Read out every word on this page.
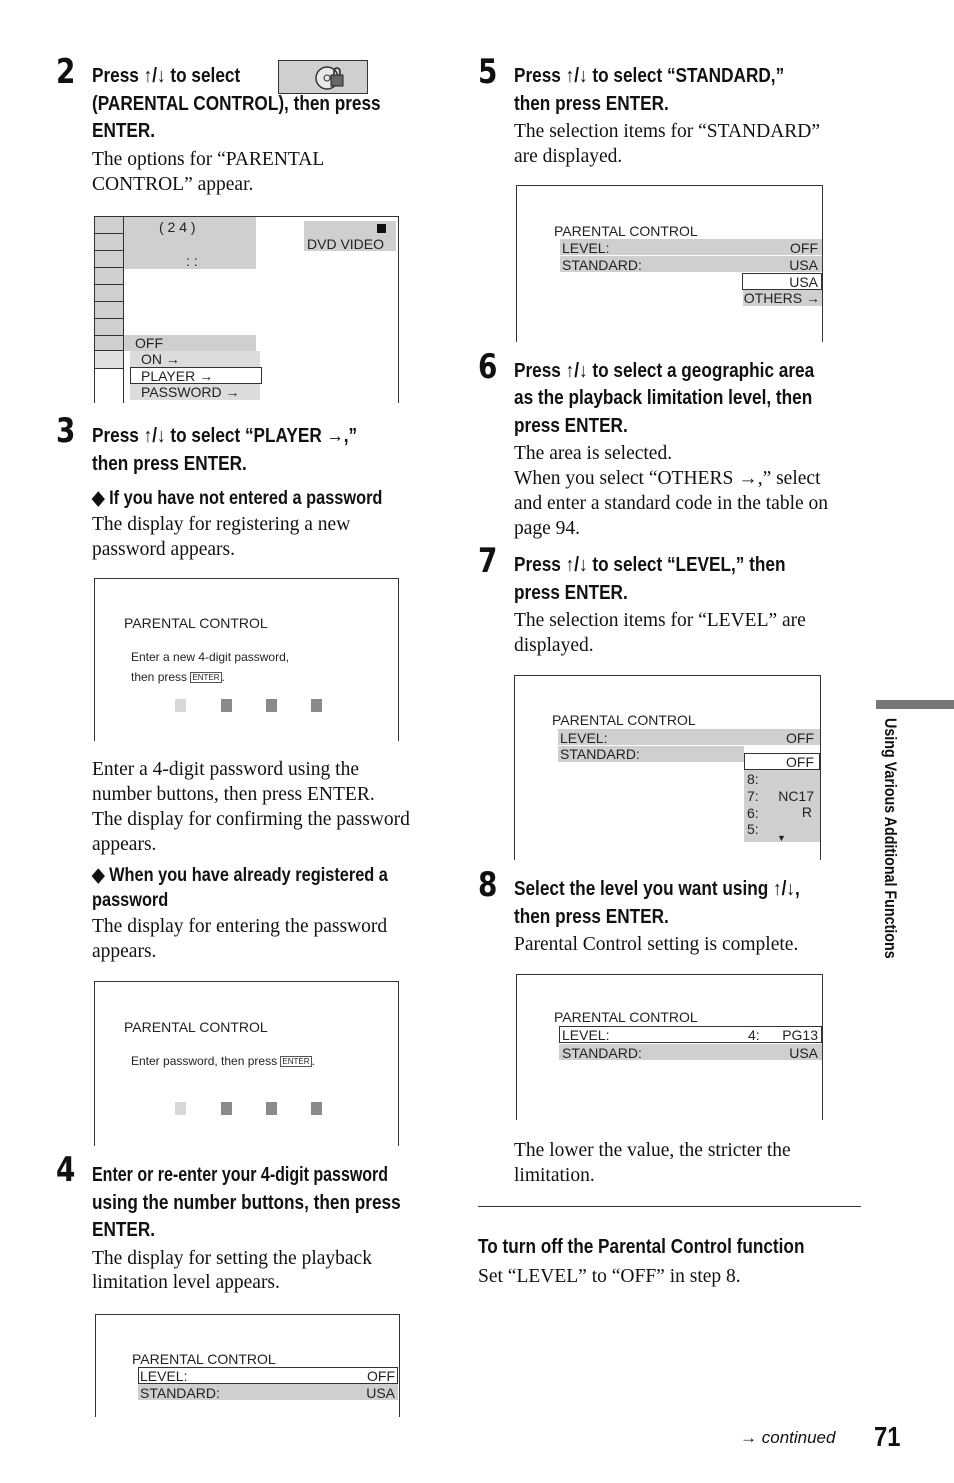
2 Press ↑/↓ to select
(PARENTAL CONTROL), then press
ENTER.
The options for “PARENTAL
CONTROL” appear.
( 2 4 )
: :
DVD VIDEO
OFF
ON →
PLAYER →
PASSWORD →
3 Press ↑/↓ to select “PLAYER →,”
then press ENTER.
◆ If you have not entered a password
The display for registering a new
password appears.
PARENTAL CONTROL
Enter a new 4-digit password,
then press ENTER .
Enter a 4-digit password using the
number buttons, then press ENTER.
The display for confirming the password
appears.
◆ When you have already registered a
password
The display for entering the password
appears.
PARENTAL CONTROL
Enter password, then press ENTER .
4 Enter or re-enter your 4-digit password
using the number buttons, then press
ENTER.
The display for setting the playback
limitation level appears.
PARENTAL CONTROL
LEVEL:	OFF
STANDARD:	USA
5 Press ↑/↓ to select “STANDARD,”
then press ENTER.
The selection items for “STANDARD”
are displayed.
PARENTAL CONTROL
LEVEL:	OFF
STANDARD:	USA
USA
OTHERS →
6 Press ↑/↓ to select a geographic area
as the playback limitation level, then
press ENTER.
The area is selected.
When you select “OTHERS →,” select
and enter a standard code in the table on
page 94.
7 Press ↑/↓ to select “LEVEL,” then
press ENTER.
The selection items for “LEVEL” are
displayed.
PARENTAL CONTROL
LEVEL:	OFF
STANDARD:	OFF
8:
7: NC17
6:	R
5:
▼
8 Select the level you want using ↑/↓,
then press ENTER.
Parental Control setting is complete.
PARENTAL CONTROL
LEVEL:	4: PG13
STANDARD:	USA
The lower the value, the stricter the
limitation.
To turn off the Parental Control function
Set “LEVEL” to “OFF” in step 8.
Using Various Additional Functions
→ continued 71
